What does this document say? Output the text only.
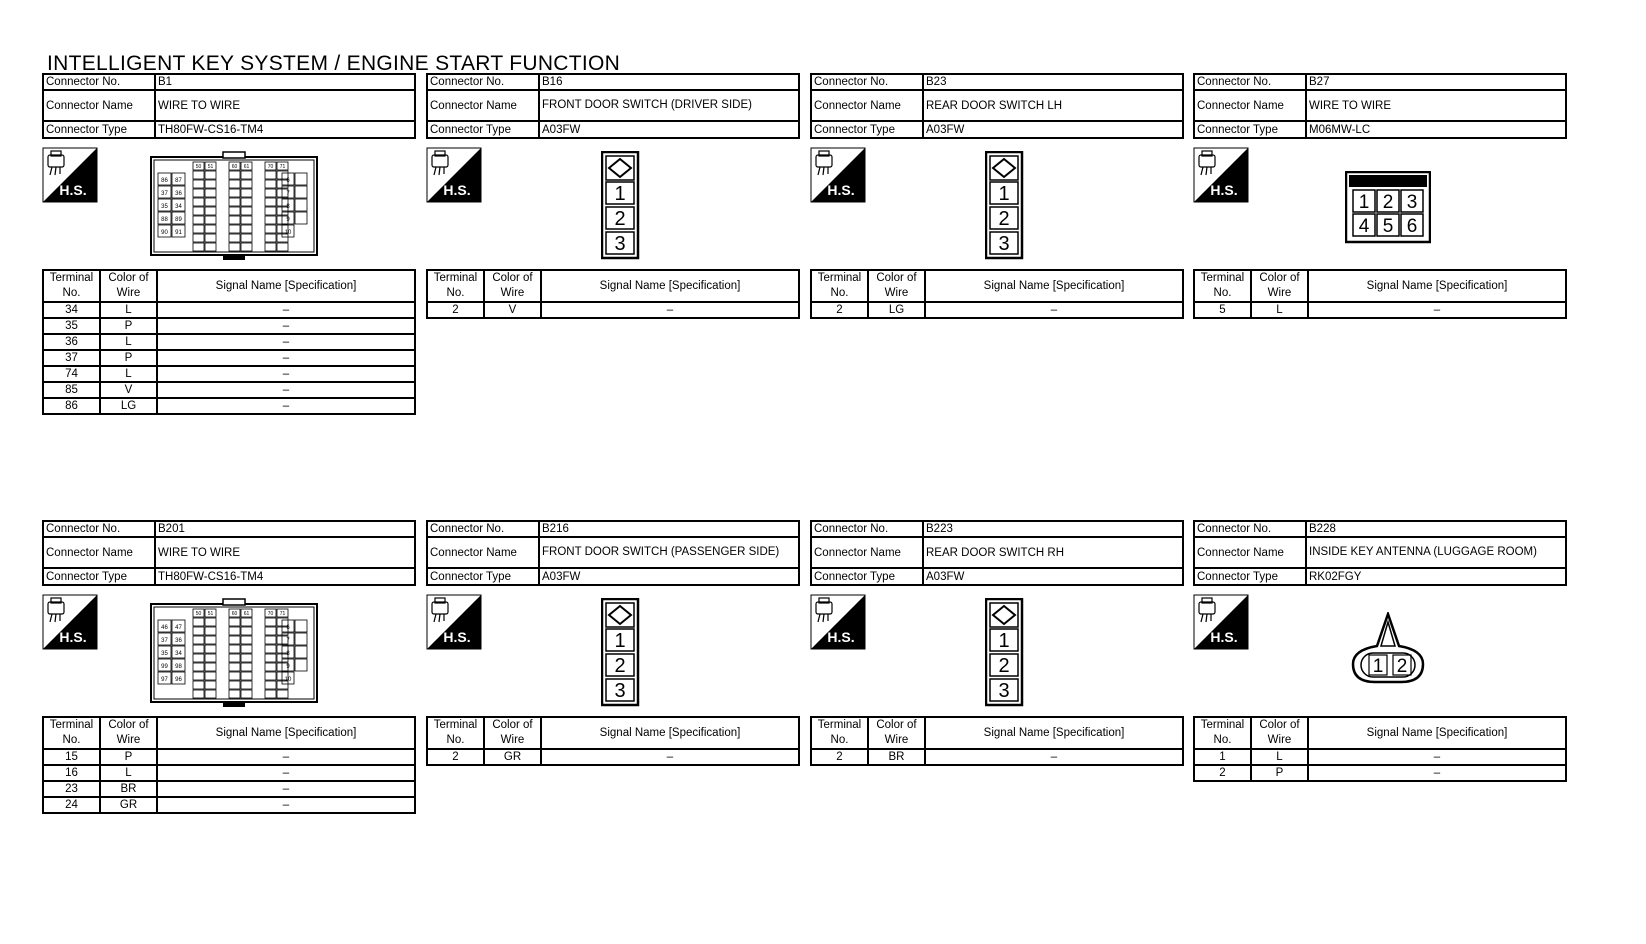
INTELLIGENT KEY SYSTEM / ENGINE START FUNCTION
Connector No.	B1
Connector Name	WIRE TO WIRE
Connector Type	TH80FW-CS16-TM4
H.S.
86 87
37 36
35 34
88 89
90 91
50 51	60 61	70 71
6
7
8
9
10
Terminal No.	Color of Wire	Signal Name [Specification]
34	L	–
35	P	–
36	L	–
37	P	–
74	L	–
85	V	–
86	LG	–
Connector No.	B16
Connector Name	FRONT DOOR SWITCH (DRIVER SIDE)
Connector Type	A03FW
H.S.	1
2
3
Terminal No.	Color of Wire	Signal Name [Specification]
2	V	–
Connector No.	B23
Connector Name	REAR DOOR SWITCH LH
Connector Type	A03FW
H.S.	1
2
3
Terminal No.	Color of Wire	Signal Name [Specification]
2	LG	–
Connector No.	B27
Connector Name	WIRE TO WIRE
Connector Type	M06MW-LC
H.S.
1 2 3
4 5 6
Terminal No.	Color of Wire	Signal Name [Specification]
5	L	–
Connector No.	B201
Connector Name	WIRE TO WIRE
Connector Type	TH80FW-CS16-TM4
H.S.
46 47
37 36
35 34
99 98
97 96
50 51	60 61	70 71
6
7
8
9
10
Terminal No.	Color of Wire	Signal Name [Specification]
15	P	–
16	L	–
23	BR	–
24	GR	–
Connector No.	B216
Connector Name	FRONT DOOR SWITCH (PASSENGER SIDE)
Connector Type	A03FW
H.S.	1
2
3
Terminal No.	Color of Wire	Signal Name [Specification]
2	GR	–
Connector No.	B223
Connector Name	REAR DOOR SWITCH RH
Connector Type	A03FW
H.S.	1
2
3
Terminal No.	Color of Wire	Signal Name [Specification]
2	BR	–
Connector No.	B228
Connector Name	INSIDE KEY ANTENNA (LUGGAGE ROOM)
Connector Type	RK02FGY
H.S.
1 2
Terminal No.	Color of Wire	Signal Name [Specification]
1	L	–
2	P	–
